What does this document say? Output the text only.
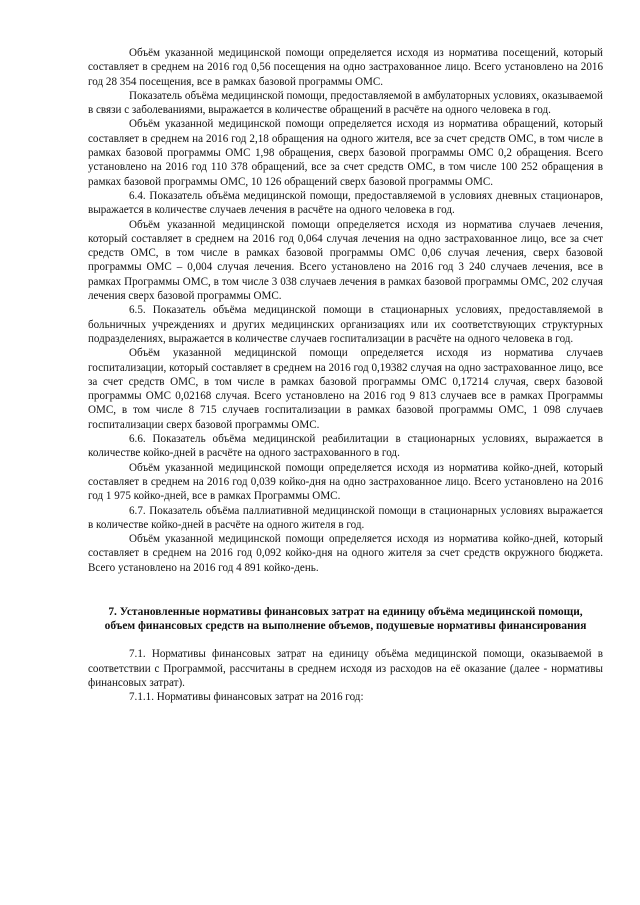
Объём указанной медицинской помощи определяется исходя из норматива посещений, который составляет в среднем на 2016 год 0,56 посещения на одно застрахованное лицо. Всего установлено на 2016 год 28 354 посещения, все в рамках базовой программы ОМС.

Показатель объёма медицинской помощи, предоставляемой в амбулаторных условиях, оказываемой в связи с заболеваниями, выражается в количестве обращений в расчёте на одного человека в год.

Объём указанной медицинской помощи определяется исходя из норматива обращений, который составляет в среднем на 2016 год 2,18 обращения на одного жителя, все за счет средств ОМС, в том числе в рамках базовой программы ОМС 1,98 обращения, сверх базовой программы ОМС 0,2 обращения. Всего установлено на 2016 год 110 378 обращений, все за счет средств ОМС, в том числе 100 252 обращения в рамках базовой программы ОМС, 10 126 обращений сверх базовой программы ОМС.

6.4. Показатель объёма медицинской помощи, предоставляемой в условиях дневных стационаров, выражается в количестве случаев лечения в расчёте на одного человека в год.

Объём указанной медицинской помощи определяется исходя из норматива случаев лечения, который составляет в среднем на 2016 год 0,064 случая лечения на одно застрахованное лицо, все за счет средств ОМС, в том числе в рамках базовой программы ОМС 0,06 случая лечения, сверх базовой программы ОМС – 0,004 случая лечения. Всего установлено на 2016 год 3 240 случаев лечения, все в рамках Программы ОМС, в том числе 3 038 случаев лечения в рамках базовой программы ОМС, 202 случая лечения сверх базовой программы ОМС.

6.5. Показатель объёма медицинской помощи в стационарных условиях, предоставляемой в больничных учреждениях и других медицинских организациях или их соответствующих структурных подразделениях, выражается в количестве случаев госпитализации в расчёте на одного человека в год.

Объём указанной медицинской помощи определяется исходя из норматива случаев госпитализации, который составляет в среднем на 2016 год 0,19382 случая на одно застрахованное лицо, все за счет средств ОМС, в том числе в рамках базовой программы ОМС 0,17214 случая, сверх базовой программы ОМС 0,02168 случая. Всего установлено на 2016 год 9 813 случаев все в рамках Программы ОМС, в том числе 8 715 случаев госпитализации в рамках базовой программы ОМС, 1 098 случаев госпитализации сверх базовой программы ОМС.

6.6. Показатель объёма медицинской реабилитации в стационарных условиях, выражается в количестве койко-дней в расчёте на одного застрахованного в год.

Объём указанной медицинской помощи определяется исходя из норматива койко-дней, который составляет в среднем на 2016 год 0,039 койко-дня на одно застрахованное лицо. Всего установлено на 2016 год 1 975 койко-дней, все в рамках Программы ОМС.

6.7. Показатель объёма паллиативной медицинской помощи в стационарных условиях выражается в количестве койко-дней в расчёте на одного жителя в год.

Объём указанной медицинской помощи определяется исходя из норматива койко-дней, который составляет в среднем на 2016 год 0,092 койко-дня на одного жителя за счет средств окружного бюджета. Всего установлено на 2016 год 4 891 койко-день.

7. Установленные нормативы финансовых затрат на единицу объёма медицинской помощи, объем финансовых средств на выполнение объемов, подушевые нормативы финансирования

7.1. Нормативы финансовых затрат на единицу объёма медицинской помощи, оказываемой в соответствии с Программой, рассчитаны в среднем исходя из расходов на её оказание (далее - нормативы финансовых затрат).

7.1.1. Нормативы финансовых затрат на 2016 год:
